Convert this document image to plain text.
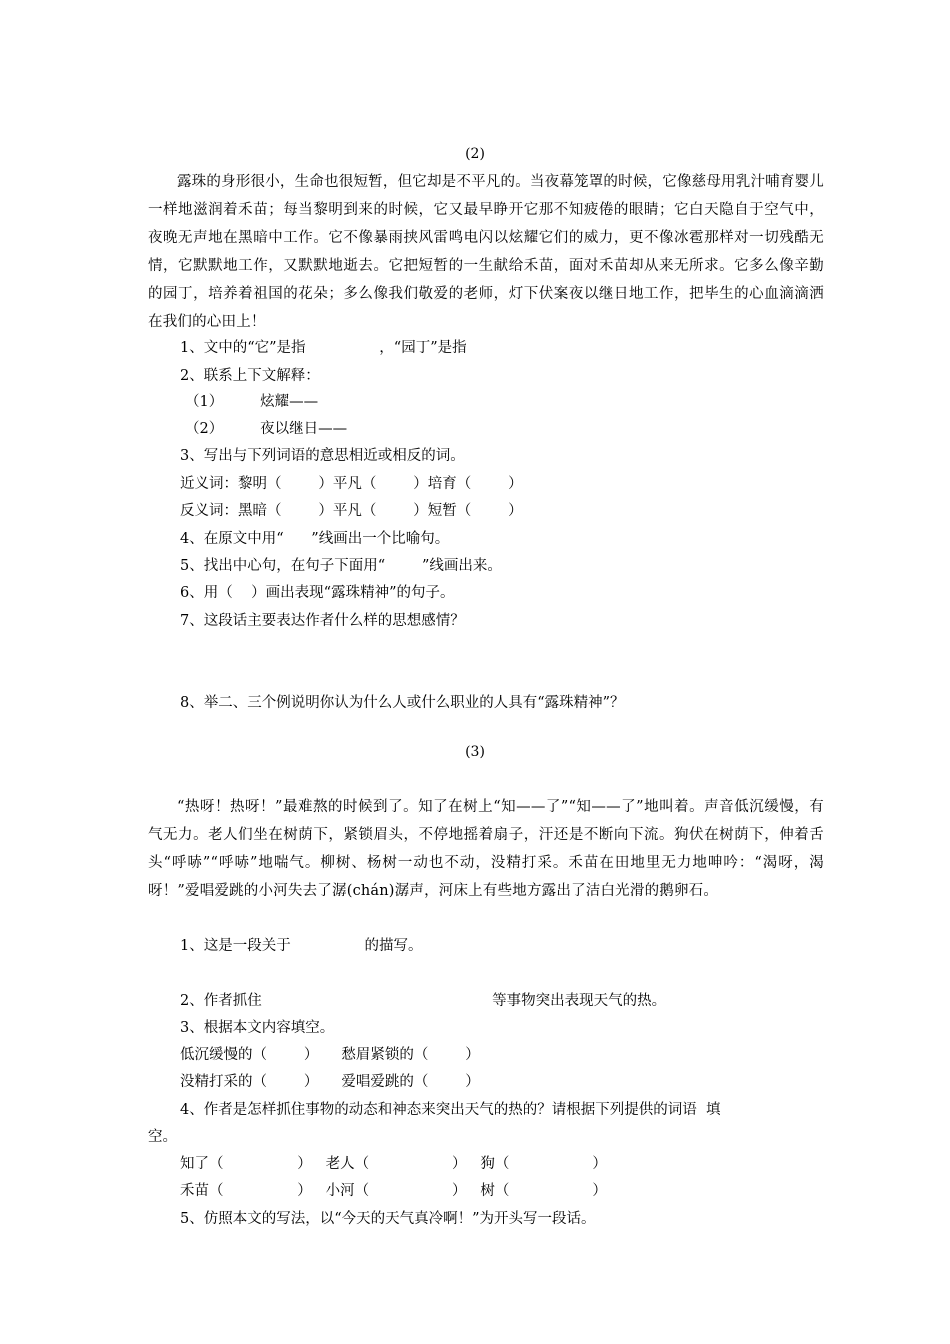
(2)
露珠的身形很小，生命也很短暂，但它却是不平凡的。当夜幕笼罩的时候，它像慈母用乳汁哺育婴儿一样地滋润着禾苗；每当黎明到来的时候，它又最早睁开它那不知疲倦的眼睛；它白天隐自于空气中，夜晚无声地在黑暗中工作。它不像暴雨挟风雷鸣电闪以炫耀它们的威力，更不像冰雹那样对一切残酷无情，它默默地工作，又默默地逝去。它把短暂的一生献给禾苗，面对禾苗却从来无所求。它多么像辛勤的园丁，培养着祖国的花朵；多么像我们敬爱的老师，灯下伏案夜以继日地工作，把毕生的心血滴滴洒在我们的心田上！
1、文中的“它”是指                ，“园丁”是指
2、联系上下文解释：
（1）        炫耀——
（2）        夜以继日——
3、写出与下列词语的意思相近或相反的词。
近义词：黎明（        ）平凡（        ）培育（        ）
反义词：黑暗（        ）平凡（        ）短暂（        ）
4、在原文中用“      ”线画出一个比喻句。
5、找出中心句，在句子下面用“        ”线画出来。
6、用（    ）画出表现“露珠精神”的句子。
7、这段话主要表达作者什么样的思想感情？
8、举二、三个例说明你认为什么人或什么职业的人具有“露珠精神”？
(3)
“热呀！热呀！”最难熬的时候到了。知了在树上“知——了”“知——了”地叫着。声音低沉缓慢，有气无力。老人们坐在树荫下，紧锁眉头，不停地摇着扇子，汗还是不断向下流。狗伏在树荫下，伸着舌头“呼哧”“呼哧”地喘气。柳树、杨树一动也不动，没精打采。禾苗在田地里无力地呻吟：“渴呀，渴呀！”爱唱爱跳的小河失去了潺(chán)潺声，河床上有些地方露出了洁白光滑的鹅卵石。
1、这是一段关于                的描写。
2、作者抓住                                                  等事物突出表现天气的热。
3、根据本文内容填空。
低沉缓慢的（        ）     愁眉紧锁的（        ）
没精打采的（        ）     爱唱爱跳的（        ）
4、作者是怎样抓住事物的动态和神态来突出天气的热的？请根据下列提供的词语  填
空。
知了（                ）   老人（                  ）   狗（                  ）
禾苗（                ）   小河（                  ）   树（                  ）
5、仿照本文的写法，以“今天的天气真冷啊！”为开头写一段话。
